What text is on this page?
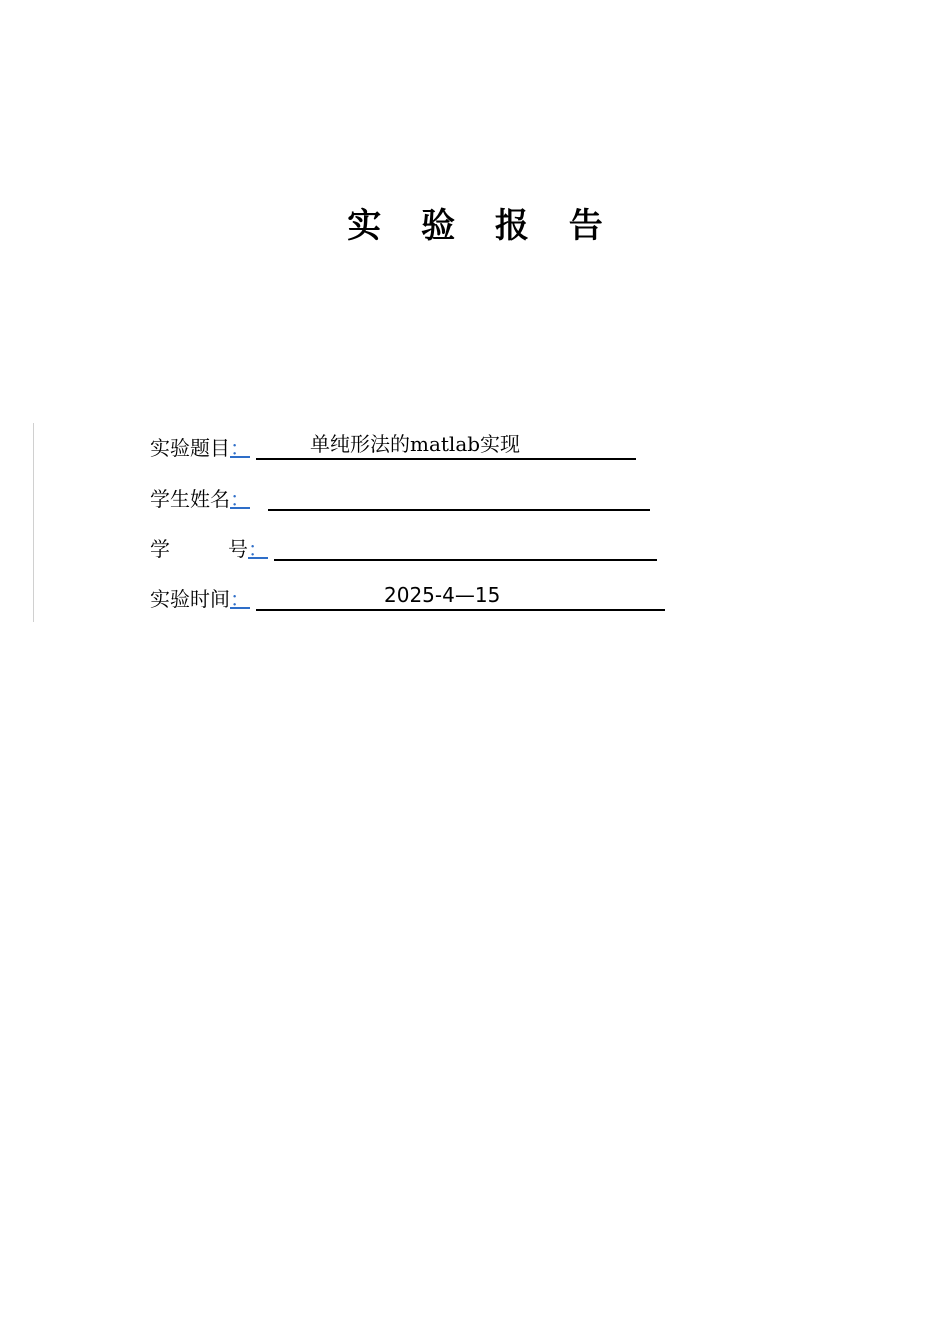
实 验 报 告
实验题目 ：	单纯形法的matlab实现
学生姓名 ：
学	号 ：
实验时间 ：	2025-4—15
